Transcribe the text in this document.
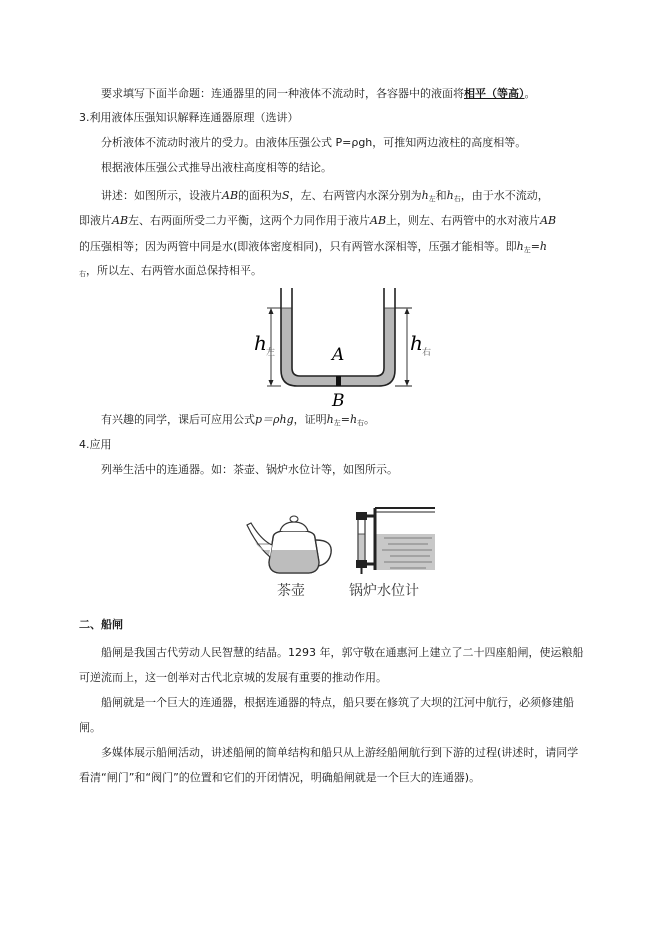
要求填写下面半命题：连通器里的同一种液体不流动时，各容器中的液面将相平（等高）。
3.利用液体压强知识解释连通器原理（选讲）
分析液体不流动时液片的受力。由液体压强公式 P=ρgh，可推知两边液柱的高度相等。
根据液体压强公式推导出液柱高度相等的结论。
讲述：如图所示，设液片AB的面积为S，左、右两管内水深分别为$h_左$和$h_右$，由于水不流动，
即液片AB左、右两面所受二力平衡，这两个力同作用于液片AB上，则左、右两管中的水对液片AB
的压强相等；因为两管中同是水(即液体密度相同)，只有两管水深相等，压强才能相等。即$h_左=h$
$_右$，所以左、右两管水面总保持相平。
h 左	h 右
A
B
有兴趣的同学，课后可应用公式p＝ρhg，证明$h_左=h_右$。
4.应用
列举生活中的连通器。如：茶壶、锅炉水位计等，如图所示。
茶壶	锅炉水位计
二、船闸
船闸是我国古代劳动人民智慧的结晶。1293 年，郭守敬在通惠河上建立了二十四座船闸，使运粮船可逆流而上，这一创举对古代北京城的发展有重要的推动作用。
船闸就是一个巨大的连通器，根据连通器的特点，船只要在修筑了大坝的江河中航行，必须修建船闸。
多媒体展示船闸活动，讲述船闸的简单结构和船只从上游经船闸航行到下游的过程(讲述时，请同学看清“闸门”和“阀门”的位置和它们的开闭情况，明确船闸就是一个巨大的连通器)。
